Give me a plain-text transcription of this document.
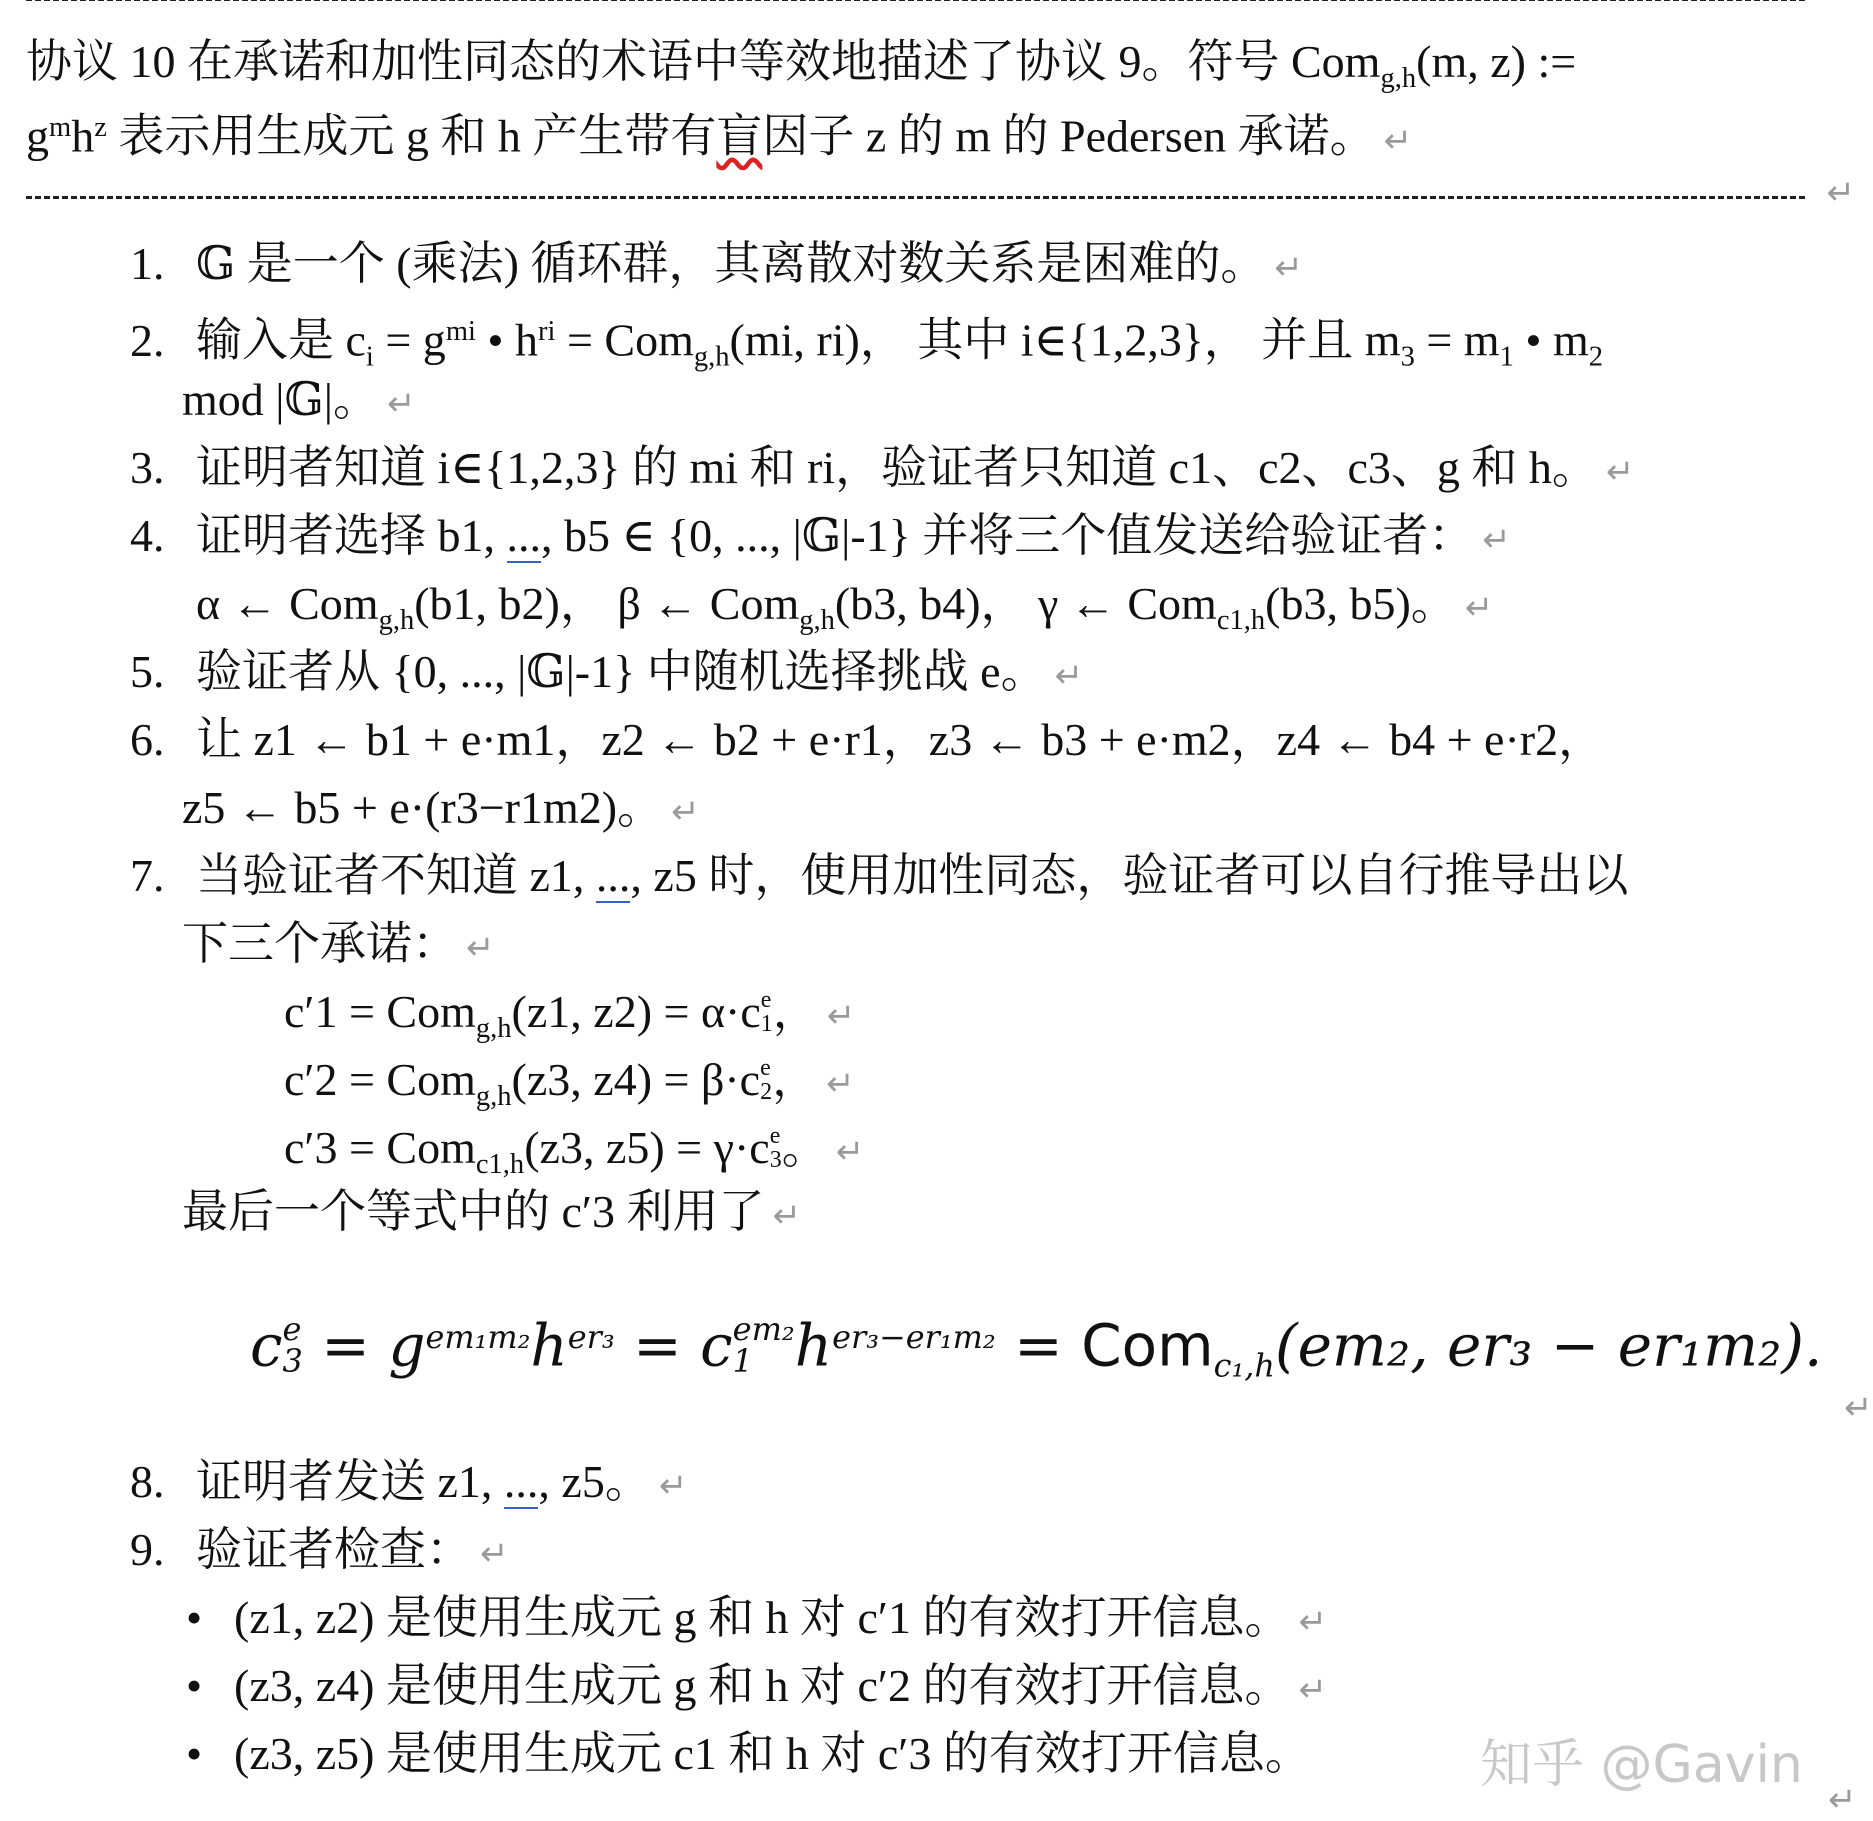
协议 10 在承诺和加性同态的术语中等效地描述了协议 9。符号 Com$_{g,h}$(m, z) :=
$g^mh^z$ 表示用生成元 g 和 h 产生带有盲因子 z 的 m 的 Pedersen 承诺。 ↵
↵
1. 𝔾 是一个 (乘法) 循环群，其离散对数关系是困难的。 ↵
2. 输入是 $c_i = g^{mi}$ • $h^{ri} = Com_{g,h}(mi$, ri)， 其中 i∈{1,2,3}， 并且 $m_3 = m_1$ • $m_2$
mod |𝔾|。 ↵
3. 证明者知道 i∈{1,2,3} 的 mi 和 ri，验证者只知道 c1、c2、c3、g 和 h。 ↵
4. 证明者选择 b1, ..., b5 ∈ {0, ..., |𝔾|-1} 并将三个值发送给验证者： ↵
α ← Com$_{g,h}$(b1, b2)， β ← Com$_{g,h}$(b3, b4)， γ ← Com$_{c1,h}$(b3, b5)。 ↵
5. 验证者从 {0, ..., |𝔾|-1} 中随机选择挑战 e。 ↵
6. 让 z1 ← b1 + e·m1，z2 ← b2 + e·r1，z3 ← b3 + e·m2，z4 ← b4 + e·r2，
z5 ← b5 + e·(r3−r1m2)。 ↵
7. 当验证者不知道 z1, ..., z5 时，使用加性同态，验证者可以自行推导出以
下三个承诺： ↵
c′1 = Com$_{g,h}$(z1, z2) = α·c e
1 ， ↵
c′2 = Com$_{g,h}$(z3, z4) = β·c e
2 ， ↵
c′3 = Com$_{c1,h}$(z3, z5) = γ·c e
3 。 ↵
最后一个等式中的 c′3 利用了 ↵
c e
$3 = g^{em_1m_2}h^{er_3} = c$ em₂
1 $h^{er_3-er_1m_2} = Com_{c_1,h}(em_2$, er₃ − er₁m₂).
↵
8. 证明者发送 z1, ..., z5。 ↵
9. 验证者检查： ↵
• (z1, z2) 是使用生成元 g 和 h 对 c′1 的有效打开信息。 ↵
• (z3, z4) 是使用生成元 g 和 h 对 c′2 的有效打开信息。 ↵
• (z3, z5) 是使用生成元 c1 和 h 对 c′3 的有效打开信息。
↵
知乎 @Gavin
